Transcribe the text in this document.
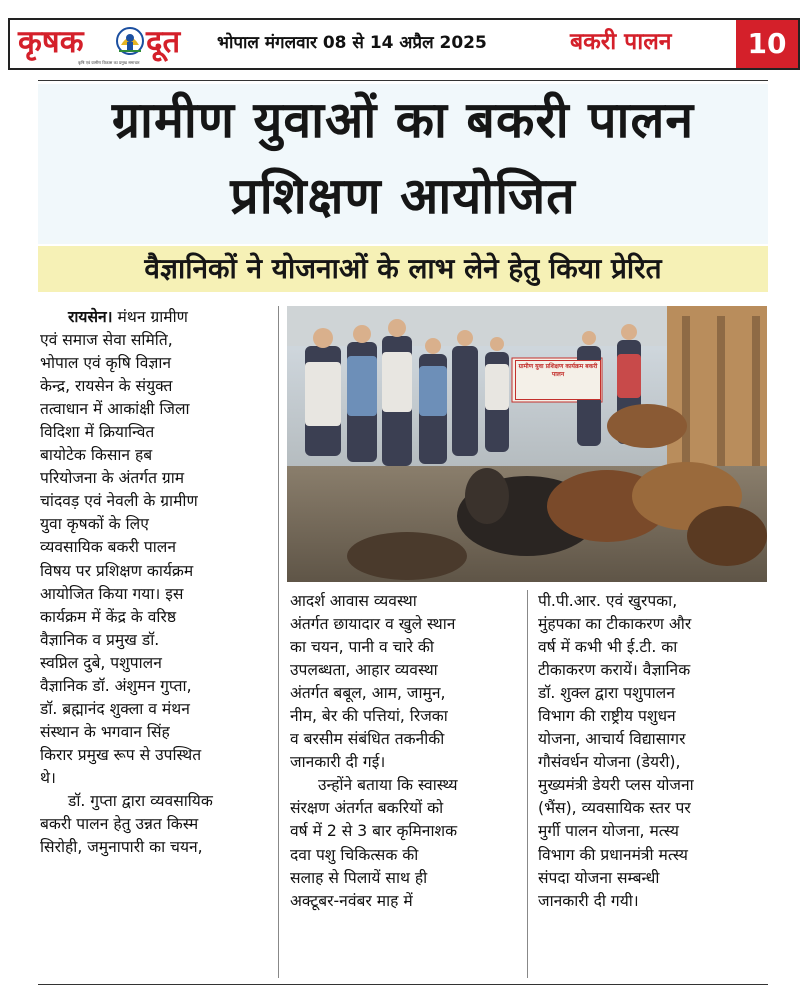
कृषक दूत
कृषि एवं ग्रामीण विकास का प्रमुख समाचार
भोपाल मंगलवार 08 से 14 अप्रैल 2025	बकरी पालन	10
ग्रामीण युवाओं का बकरी पालन
प्रशिक्षण आयोजित
वैज्ञानिकों ने योजनाओं के लाभ लेने हेतु किया प्रेरित
रायसेन। मंथन ग्रामीण
एवं समाज सेवा समिति,
भोपाल एवं कृषि विज्ञान
केन्द्र, रायसेन के संयुक्त
तत्वाधान में आकांक्षी जिला
विदिशा में क्रियान्वित
बायोटेक किसान हब
परियोजना के अंतर्गत ग्राम
चांदवड़ एवं नेवली के ग्रामीण
युवा कृषकों के लिए
व्यवसायिक बकरी पालन
विषय पर प्रशिक्षण कार्यक्रम
आयोजित किया गया। इस
कार्यक्रम में केंद्र के वरिष्ठ
वैज्ञानिक व प्रमुख डॉ.
स्वप्निल दुबे, पशुपालन
वैज्ञानिक डॉ. अंशुमन गुप्ता,
डॉ. ब्रह्मानंद शुक्ला व मंथन
संस्थान के भगवान सिंह
किरार प्रमुख रूप से उपस्थित
थे।
डॉ. गुप्ता द्वारा व्यवसायिक
बकरी पालन हेतु उन्नत किस्म
सिरोही, जमुनापारी का चयन,
ग्रामीण युवा प्रशिक्षण कार्यक्रम बकरी पालन
आदर्श आवास व्यवस्था
अंतर्गत छायादार व खुले स्थान
का चयन, पानी व चारे की
उपलब्धता, आहार व्यवस्था
अंतर्गत बबूल, आम, जामुन,
नीम, बेर की पत्तियां, रिजका
व बरसीम संबंधित तकनीकी
जानकारी दी गई।
उन्होंने बताया कि स्वास्थ्य
संरक्षण अंतर्गत बकरियों को
वर्ष में 2 से 3 बार कृमिनाशक
दवा पशु चिकित्सक की
सलाह से पिलायें साथ ही
अक्टूबर-नवंबर माह में
पी.पी.आर. एवं खुरपका,
मुंहपका का टीकाकरण और
वर्ष में कभी भी ई.टी. का
टीकाकरण करायें। वैज्ञानिक
डॉ. शुक्ल द्वारा पशुपालन
विभाग की राष्ट्रीय पशुधन
योजना, आचार्य विद्यासागर
गौसंवर्धन योजना (डेयरी),
मुख्यमंत्री डेयरी प्लस योजना
(भैंस), व्यवसायिक स्तर पर
मुर्गी पालन योजना, मत्स्य
विभाग की प्रधानमंत्री मत्स्य
संपदा योजना सम्बन्धी
जानकारी दी गयी।
